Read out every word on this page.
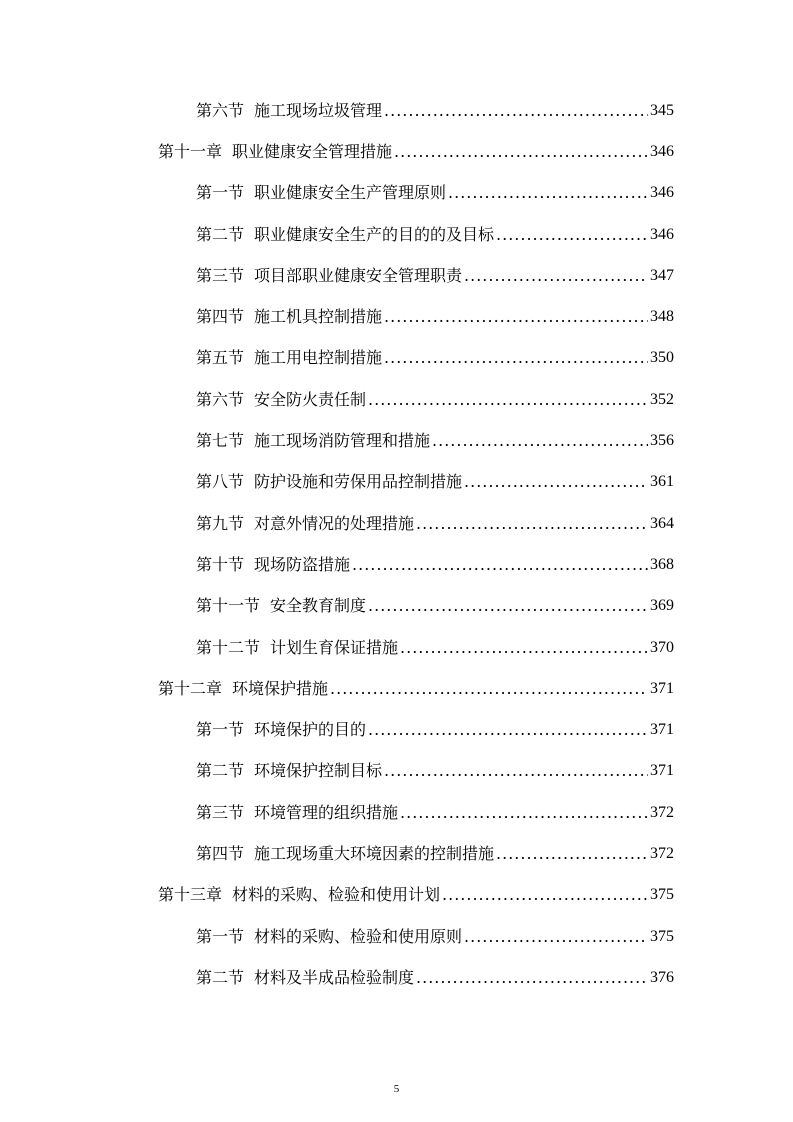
第六节 施工现场垃圾管理 .....	345
第十一章 职业健康安全管理措施 .....	346
第一节 职业健康安全生产管理原则 .....	346
第二节 职业健康安全生产的目的的及目标 .....	346
第三节 项目部职业健康安全管理职责 .....	347
第四节 施工机具控制措施 .....	348
第五节 施工用电控制措施 .....	350
第六节 安全防火责任制 .....	352
第七节 施工现场消防管理和措施 .....	356
第八节 防护设施和劳保用品控制措施 .....	361
第九节 对意外情况的处理措施 .....	364
第十节 现场防盗措施 .....	368
第十一节 安全教育制度 .....	369
第十二节 计划生育保证措施 .....	370
第十二章 环境保护措施 .....	371
第一节 环境保护的目的 .....	371
第二节 环境保护控制目标 .....	371
第三节 环境管理的组织措施 .....	372
第四节 施工现场重大环境因素的控制措施 .....	372
第十三章 材料的采购、检验和使用计划 .....	375
第一节 材料的采购、检验和使用原则 .....	375
第二节 材料及半成品检验制度 .....	376
5
